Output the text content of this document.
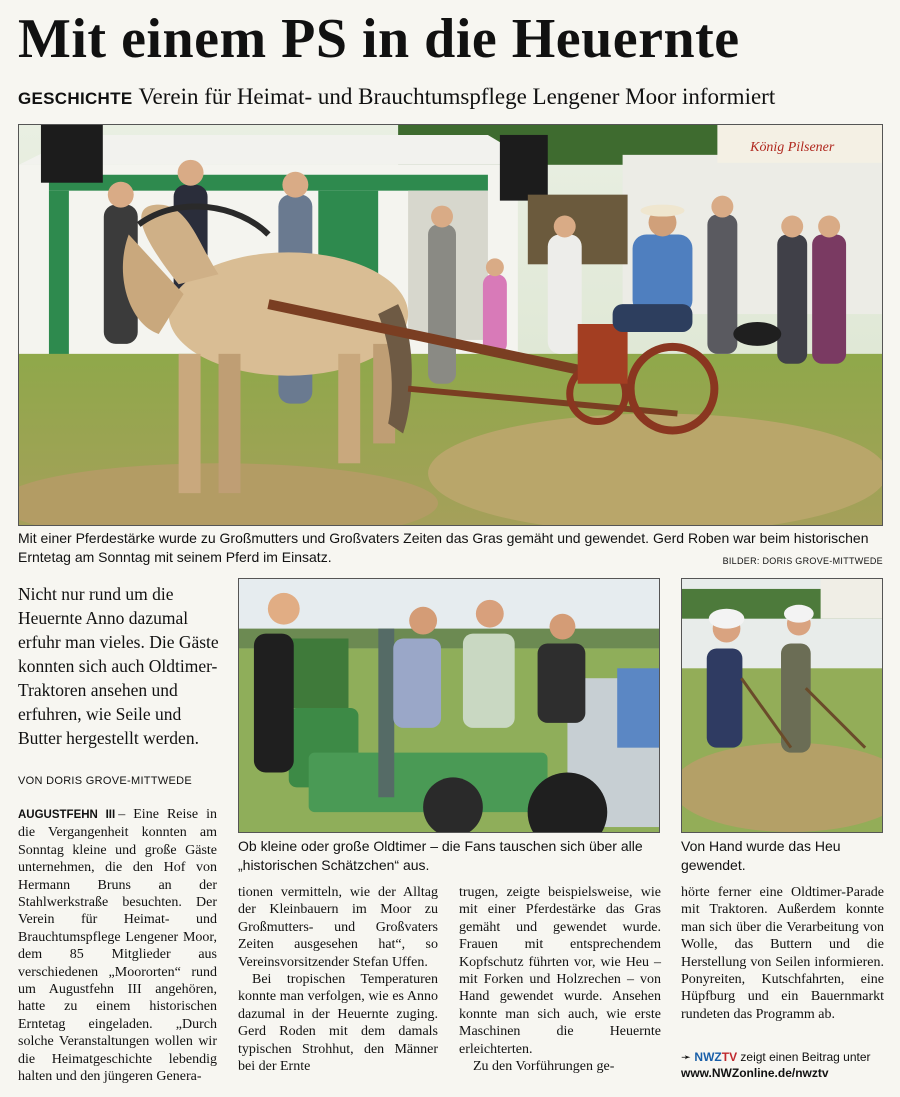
Mit einem PS in die Heuernte
GESCHICHTE Verein für Heimat- und Brauchtumspflege Lengener Moor informiert
König Pilsener
Mit einer Pferdestärke wurde zu Großmutters und Großvaters Zeiten das Gras gemäht und gewendet. Gerd Roben war beim historischen Erntetag am Sonntag mit seinem Pferd im Einsatz.	BILDER: DORIS GROVE-MITTWEDE
Nicht nur rund um die Heuernte Anno dazumal erfuhr man vieles. Die Gäste konnten sich auch Oldtimer-Traktoren ansehen und erfuhren, wie Seile und Butter hergestellt werden.
VON DORIS GROVE-MITTWEDE
Ob kleine oder große Oldtimer – die Fans tauschen sich über alle „historischen Schätzchen“ aus.
Von Hand wurde das Heu gewendet.

AUGUSTFEHN III – Eine Reise in die Vergangenheit konnten am Sonntag kleine und große Gäste unternehmen, die den Hof von Hermann Bruns an der Stahlwerkstraße besuchten. Der Verein für Heimat- und Brauchtumspflege Lengener Moor, dem 85 Mitglieder aus verschiedenen „Moororten“ rund um Augustfehn III angehören, hatte zu einem historischen Erntetag eingeladen. „Durch solche Veranstaltungen wollen wir die Heimatgeschichte lebendig halten und den jüngeren Genera-

tionen vermitteln, wie der Alltag der Kleinbauern im Moor zu Großmutters- und Großvaters Zeiten ausgesehen hat“, so Vereinsvorsitzender Stefan Uffen.

Bei tropischen Temperaturen konnte man verfolgen, wie es Anno dazumal in der Heuernte zuging. Gerd Roden mit dem damals typischen Strohhut, den Männer bei der Ernte

trugen, zeigte beispielsweise, wie mit einer Pferdestärke das Gras gemäht und gewendet wurde. Frauen mit entsprechendem Kopfschutz führten vor, wie Heu – mit Forken und Holzrechen – von Hand gewendet wurde. Ansehen konnte man sich auch, wie erste Maschinen die Heuernte erleichterten.

Zu den Vorführungen ge-

hörte ferner eine Oldtimer-Parade mit Traktoren. Außerdem konnte man sich über die Verarbeitung von Wolle, das Buttern und die Herstellung von Seilen informieren. Ponyreiten, Kutschfahrten, eine Hüpfburg und ein Bauernmarkt rundeten das Programm ab.

➛ NWZTV zeigt einen Beitrag unter
www.NWZonline.de/nwztv
